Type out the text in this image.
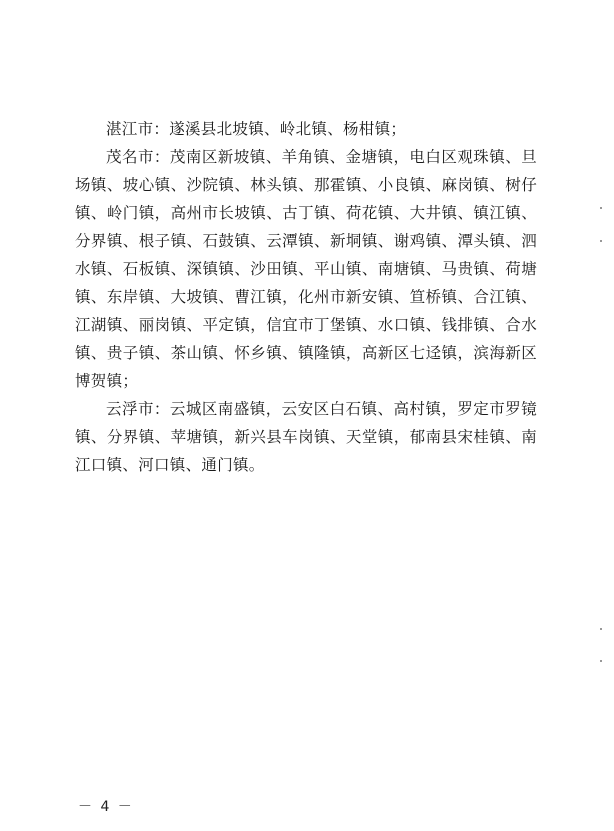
湛江市：遂溪县北坡镇、岭北镇、杨柑镇；

茂名市：茂南区新坡镇、羊角镇、金塘镇，电白区观珠镇、旦场镇、坡心镇、沙院镇、林头镇、那霍镇、小良镇、麻岗镇、树仔镇、岭门镇，高州市长坡镇、古丁镇、荷花镇、大井镇、镇江镇、分界镇、根子镇、石鼓镇、云潭镇、新垌镇、谢鸡镇、潭头镇、泗水镇、石板镇、深镇镇、沙田镇、平山镇、南塘镇、马贵镇、荷塘镇、东岸镇、大坡镇、曹江镇，化州市新安镇、笪桥镇、合江镇、江湖镇、丽岗镇、平定镇，信宜市丁堡镇、水口镇、钱排镇、合水镇、贵子镇、茶山镇、怀乡镇、镇隆镇，高新区七迳镇，滨海新区博贺镇；

云浮市：云城区南盛镇，云安区白石镇、高村镇，罗定市罗镜镇、分界镇、苹塘镇，新兴县车岗镇、天堂镇，郁南县宋桂镇、南江口镇、河口镇、通门镇。

－ 4 －
